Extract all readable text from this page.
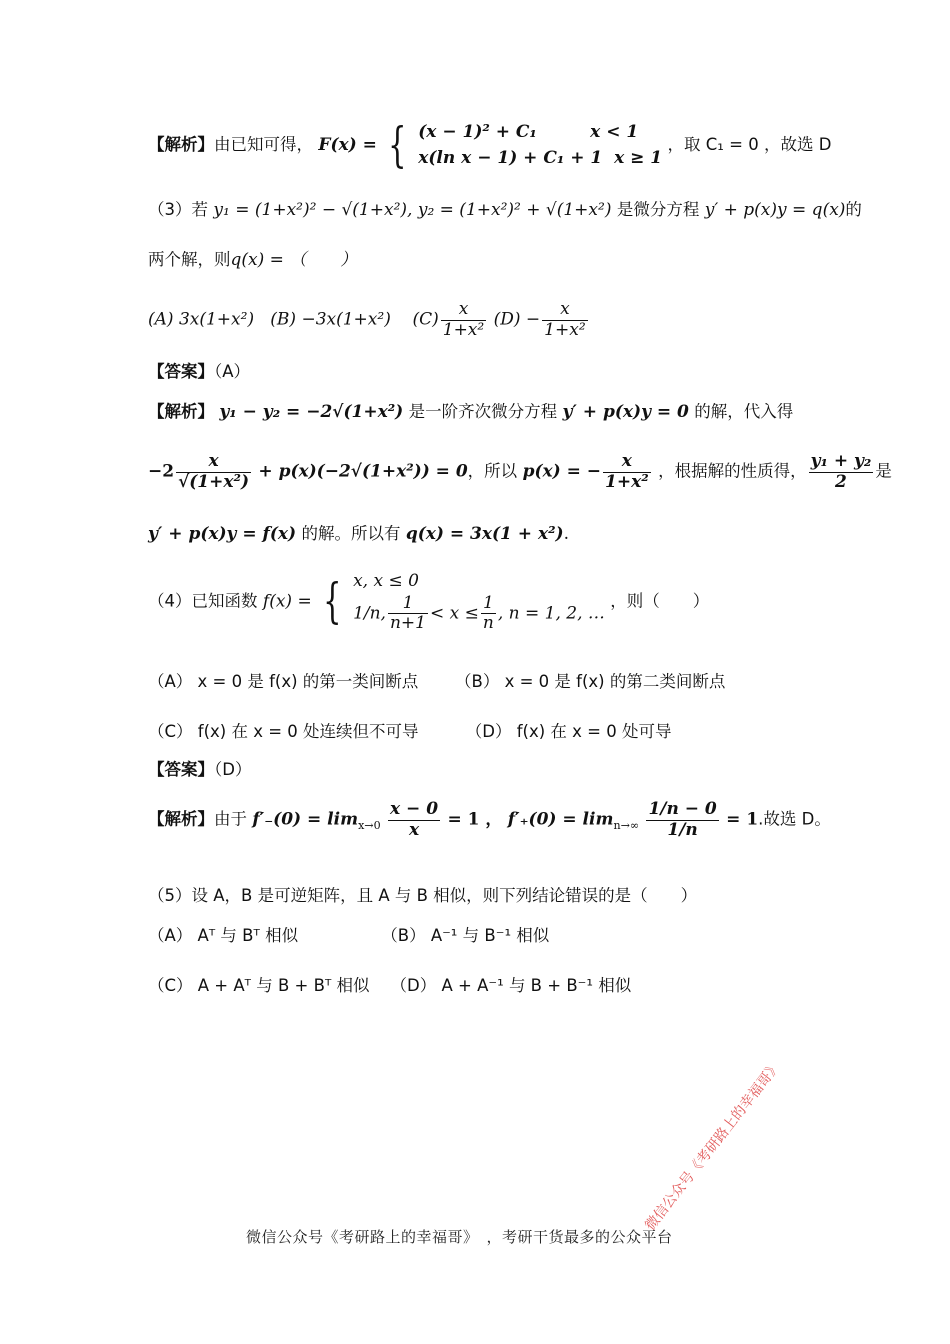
【解析】由已知可得， F(x) = { (x − 1)² + C₁	x < 1
x(ln x − 1) + C₁ + 1 x ≥ 1
，取 C₁ = 0 ，故选 D
（3）若 y₁ = (1+x²)² − √(1+x²), y₂ = (1+x²)² + √(1+x²) 是微分方程 y′ + p(x)y = q(x)的
两个解，则q(x) = （　　）
(A) 3x(1+x²) (B) −3x(1+x²) $(C) \frac{x}{\text{1+x²}} (D) - \frac{x}{\text{1+x²}}$
【答案】（A）
【解析】 y₁ − y₂ = −2√(1+x²) 是一阶齐次微分方程 y′ + p(x)y = 0 的解，代入得
$-2 \frac{x}{\text{√(1+x²)}} + p(x)(-2√(1+x^2)) = 0$，所以 p(x) = − $\frac{x}{\text{1+x²}}$ ，根据解的性质得， $\frac{\text{y₁ + y₂}}{2}$ 是
y′ + p(x)y = f(x) 的解。所以有 q(x) = 3x(1 + x²).
（4）已知函数 f(x) = { x, x ≤ 0
1/n, $\frac{1}{n+1} < x \le \frac{1}{n}$ , n = 1, 2, …
，则（　　）
（A） x = 0 是 f(x) 的第一类间断点 （B） x = 0 是 f(x) 的第二类间断点
（C） f(x) 在 x = 0 处连续但不可导	（D） f(x) 在 x = 0 处可导
【答案】（D）
【解析】由于 $f'_-(0) = \lim_{x\to 0} \frac{x - 0}{x} = 1$ ， $f'_+(0) = \lim_{n\to\infty} \frac{1/n - 0}{1/n} = 1$.故选 D。
（5）设 A，B 是可逆矩阵，且 A 与 B 相似，则下列结论错误的是（　　）
（A） Aᵀ 与 Bᵀ 相似	（B） A⁻¹ 与 B⁻¹ 相似
（C） A + Aᵀ 与 B + Bᵀ 相似 （D） A + A⁻¹ 与 B + B⁻¹ 相似
微信公众号《考研路上的幸福哥》
微信公众号《考研路上的幸福哥》　，考研干货最多的公众平台
